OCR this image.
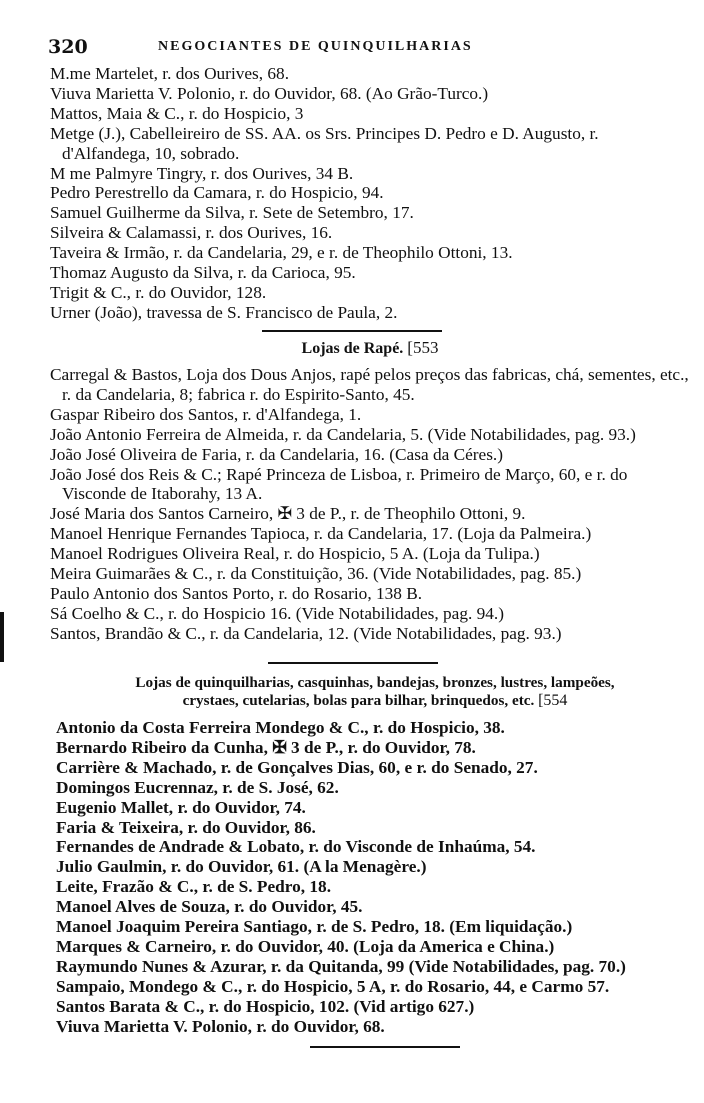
320	NEGOCIANTES DE QUINQUILHARIAS
M.me Martelet, r. dos Ourives, 68.
Viuva Marietta V. Polonio, r. do Ouvidor, 68. (Ao Grão-Turco.)
Mattos, Maia & C., r. do Hospicio, 3
Metge (J.), Cabelleireiro de SS. AA. os Srs. Principes D. Pedro e D. Augusto, r. d'Alfandega, 10, sobrado.
M me Palmyre Tingry, r. dos Ourives, 34 B.
Pedro Perestrello da Camara, r. do Hospicio, 94.
Samuel Guilherme da Silva, r. Sete de Setembro, 17.
Silveira & Calamassi, r. dos Ourives, 16.
Taveira & Irmão, r. da Candelaria, 29, e r. de Theophilo Ottoni, 13.
Thomaz Augusto da Silva, r. da Carioca, 95.
Trigit & C., r. do Ouvidor, 128.
Urner (João), travessa de S. Francisco de Paula, 2.
Lojas de Rapé. [553
Carregal & Bastos, Loja dos Dous Anjos, rapé pelos preços das fabricas, chá, sementes, etc., r. da Candelaria, 8; fabrica r. do Espirito-Santo, 45.
Gaspar Ribeiro dos Santos, r. d'Alfandega, 1.
João Antonio Ferreira de Almeida, r. da Candelaria, 5. (Vide Notabilidades, pag. 93.)
João José Oliveira de Faria, r. da Candelaria, 16. (Casa da Céres.)
João José dos Reis & C.; Rapé Princeza de Lisboa, r. Primeiro de Março, 60, e r. do Visconde de Itaborahy, 13 A.
José Maria dos Santos Carneiro, ✠ 3 de P., r. de Theophilo Ottoni, 9.
Manoel Henrique Fernandes Tapioca, r. da Candelaria, 17. (Loja da Palmeira.)
Manoel Rodrigues Oliveira Real, r. do Hospicio, 5 A. (Loja da Tulipa.)
Meira Guimarães & C., r. da Constituição, 36. (Vide Notabilidades, pag. 85.)
Paulo Antonio dos Santos Porto, r. do Rosario, 138 B.
Sá Coelho & C., r. do Hospicio 16. (Vide Notabilidades, pag. 94.)
Santos, Brandão & C., r. da Candelaria, 12. (Vide Notabilidades, pag. 93.)
Lojas de quinquilharias, casquinhas, bandejas, bronzes, lustres, lampeões,
crystaes, cutelarias, bolas para bilhar, brinquedos, etc. [554
Antonio da Costa Ferreira Mondego & C., r. do Hospicio, 38.
Bernardo Ribeiro da Cunha, ✠ 3 de P., r. do Ouvidor, 78.
Carrière & Machado, r. de Gonçalves Dias, 60, e r. do Senado, 27.
Domingos Eucrennaz, r. de S. José, 62.
Eugenio Mallet, r. do Ouvidor, 74.
Faria & Teixeira, r. do Ouvidor, 86.
Fernandes de Andrade & Lobato, r. do Visconde de Inhaúma, 54.
Julio Gaulmin, r. do Ouvidor, 61. (A la Menagère.)
Leite, Frazão & C., r. de S. Pedro, 18.
Manoel Alves de Souza, r. do Ouvidor, 45.
Manoel Joaquim Pereira Santiago, r. de S. Pedro, 18. (Em liquidação.)
Marques & Carneiro, r. do Ouvidor, 40. (Loja da America e China.)
Raymundo Nunes & Azurar, r. da Quitanda, 99 (Vide Notabilidades, pag. 70.)
Sampaio, Mondego & C., r. do Hospicio, 5 A, r. do Rosario, 44, e Carmo 57.
Santos Barata & C., r. do Hospicio, 102. (Vid artigo 627.)
Viuva Marietta V. Polonio, r. do Ouvidor, 68.
